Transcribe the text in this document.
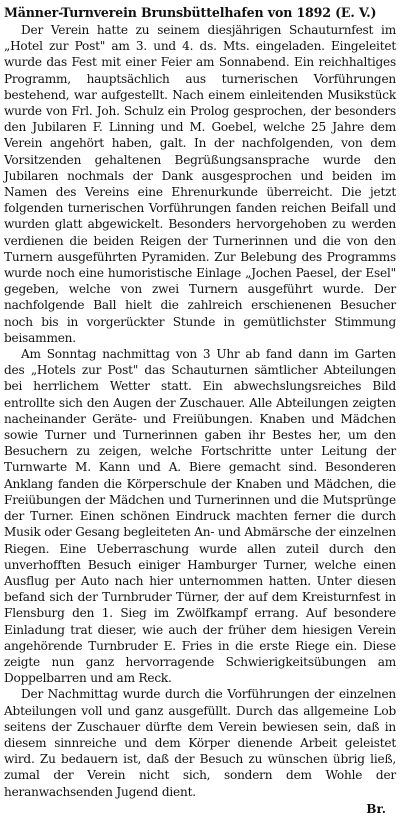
Männer-Turnverein Brunsbüttelhafen von 1892 (E. V.)

Der Verein hatte zu seinem diesjährigen Schauturnfest im „Hotel zur Post" am 3. und 4. ds. Mts. eingeladen. Eingeleitet wurde das Fest mit einer Feier am Sonnabend. Ein reichhaltiges Programm, hauptsächlich aus turnerischen Vorführungen bestehend, war aufgestellt. Nach einem einleitenden Musikstück wurde von Frl. Joh. Schulz ein Prolog gesprochen, der besonders den Jubilaren F. Linning und M. Goebel, welche 25 Jahre dem Verein angehört haben, galt. In der nachfolgenden, von dem Vorsitzenden gehaltenen Begrüßungsansprache wurde den Jubilaren nochmals der Dank ausgesprochen und beiden im Namen des Vereins eine Ehrenurkunde überreicht. Die jetzt folgenden turnerischen Vorführungen fanden reichen Beifall und wurden glatt abgewickelt. Besonders hervorgehoben zu werden verdienen die beiden Reigen der Turnerinnen und die von den Turnern ausgeführten Pyramiden. Zur Belebung des Programms wurde noch eine humoristische Einlage „Jochen Paesel, der Esel" gegeben, welche von zwei Turnern ausgeführt wurde. Der nachfolgende Ball hielt die zahlreich erschienenen Besucher noch bis in vorgerückter Stunde in gemütlichster Stimmung beisammen.

Am Sonntag nachmittag von 3 Uhr ab fand dann im Garten des „Hotels zur Post" das Schauturnen sämtlicher Abteilungen bei herrlichem Wetter statt. Ein abwechslungsreiches Bild entrollte sich den Augen der Zuschauer. Alle Abteilungen zeigten nacheinander Geräte- und Freiübungen. Knaben und Mädchen sowie Turner und Turnerinnen gaben ihr Bestes her, um den Besuchern zu zeigen, welche Fortschritte unter Leitung der Turnwarte M. Kann und A. Biere gemacht sind. Besonderen Anklang fanden die Körperschule der Knaben und Mädchen, die Freiübungen der Mädchen und Turnerinnen und die Mutsprünge der Turner. Einen schönen Eindruck machten ferner die durch Musik oder Gesang begleiteten An- und Abmärsche der einzelnen Riegen. Eine Ueberraschung wurde allen zuteil durch den unverhofften Besuch einiger Hamburger Turner, welche einen Ausflug per Auto nach hier unternommen hatten. Unter diesen befand sich der Turnbruder Türner, der auf dem Kreisturnfest in Flensburg den 1. Sieg im Zwölfkampf errang. Auf besondere Einladung trat dieser, wie auch der früher dem hiesigen Verein angehörende Turnbruder E. Fries in die erste Riege ein. Diese zeigte nun ganz hervorragende Schwierigkeitsübungen am Doppelbarren und am Reck.

Der Nachmittag wurde durch die Vorführungen der einzelnen Abteilungen voll und ganz ausgefüllt. Durch das allgemeine Lob seitens der Zuschauer dürfte dem Verein bewiesen sein, daß in diesem sinnreiche und dem Körper dienende Arbeit geleistet wird. Zu bedauern ist, daß der Besuch zu wünschen übrig ließ, zumal der Verein nicht sich, sondern dem Wohle der heranwachsenden Jugend dient.

Br.
